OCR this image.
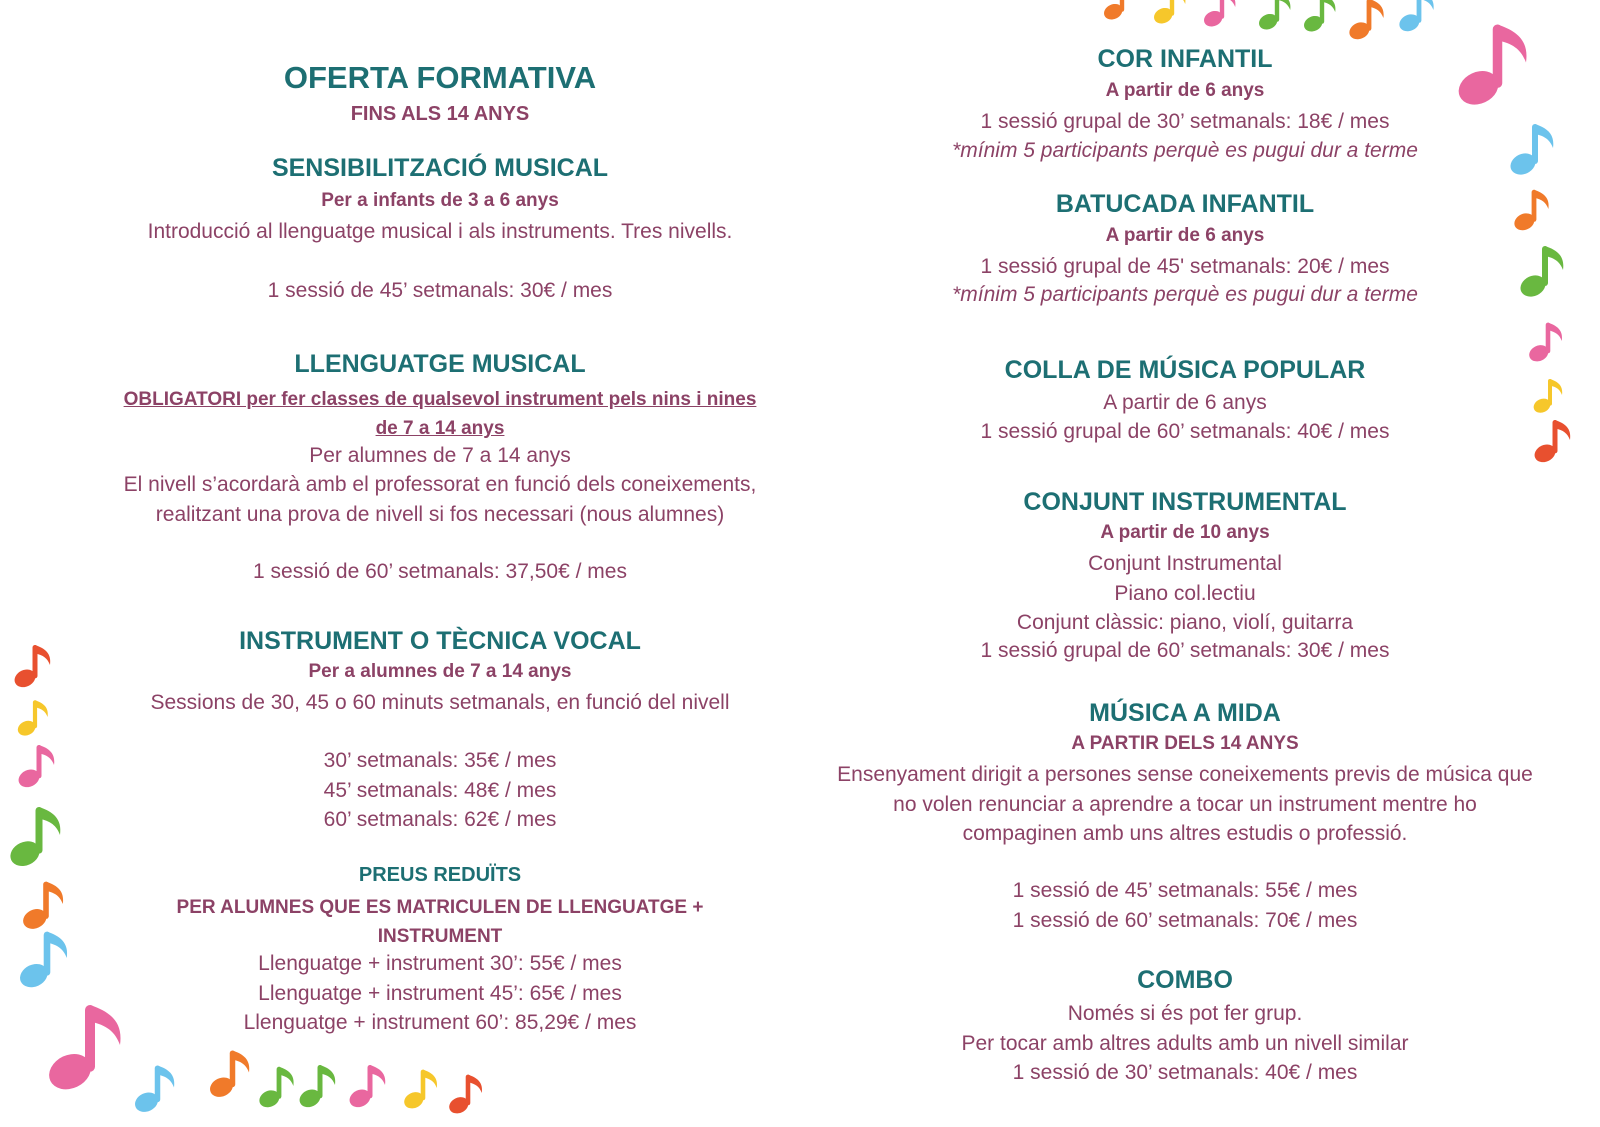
OFERTA FORMATIVA

FINS ALS 14 ANYS

SENSIBILITZACIÓ MUSICAL

Per a infants de 3 a 6 anys

Introducció al llenguatge musical i als instruments. Tres nivells.

1 sessió de 45’ setmanals: 30€ / mes

LLENGUATGE MUSICAL

OBLIGATORI per fer classes de qualsevol instrument pels nins i nines de 7 a 14 anys

Per alumnes de 7 a 14 anys

El nivell s’acordarà amb el professorat en funció dels coneixements, realitzant una prova de nivell si fos necessari (nous alumnes)

1 sessió de 60’ setmanals: 37,50€ / mes

INSTRUMENT O TÈCNICA VOCAL

Per a alumnes de 7 a 14 anys

Sessions de 30, 45 o 60 minuts setmanals, en funció del nivell

30’ setmanals: 35€ / mes
45’ setmanals: 48€ / mes
60’ setmanals: 62€ / mes

PREUS REDUÏTS

PER ALUMNES QUE ES MATRICULEN DE LLENGUATGE + INSTRUMENT

Llenguatge + instrument 30’: 55€ / mes
Llenguatge + instrument 45’: 65€ / mes
Llenguatge + instrument 60’: 85,29€ / mes

COR INFANTIL

A partir de 6 anys

1 sessió grupal de 30’ setmanals: 18€ / mes

*mínim 5 participants perquè es pugui dur a terme

BATUCADA INFANTIL

A partir de 6 anys

1 sessió grupal de 45' setmanals: 20€ / mes

*mínim 5 participants perquè es pugui dur a terme

COLLA DE MÚSICA POPULAR

A partir de 6 anys

1 sessió grupal de 60’ setmanals: 40€ / mes

CONJUNT INSTRUMENTAL

A partir de 10 anys

Conjunt Instrumental
Piano col.lectiu
Conjunt clàssic: piano, violí, guitarra

1 sessió grupal de 60’ setmanals: 30€ / mes

MÚSICA A MIDA

A PARTIR DELS 14 ANYS

Ensenyament dirigit a persones sense coneixements previs de música que no volen renunciar a aprendre a tocar un instrument mentre ho compaginen amb uns altres estudis o professió.

1 sessió de 45’ setmanals: 55€ / mes
1 sessió de 60’ setmanals: 70€ / mes

COMBO

Només si és pot fer grup.
Per tocar amb altres adults amb un nivell similar
1 sessió de 30’ setmanals: 40€ / mes
